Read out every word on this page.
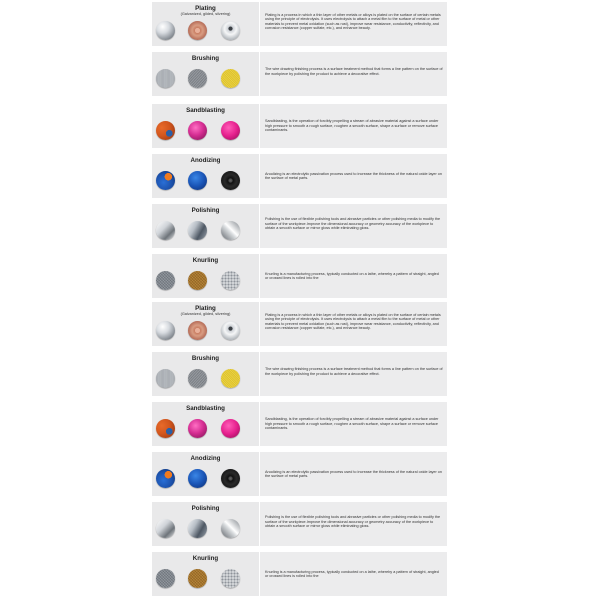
Plating
(Galvanized, gilded, silvering)	Plating is a process in which a thin layer of other metals or alloys is plated on the surface of certain metals using the principle of electrolysis. It uses electrolysis to attach a metal film to the surface of metal or other materials to prevent metal oxidation (such as rust), improve wear resistance, conductivity, reflectivity, and corrosion resistance (copper sulfate, etc.), and enhance beauty.
Brushing
The wire drawing finishing process is a surface treatment method that forms a line pattern on the surface of the workpiece by polishing the product to achieve a decorative effect.
Sandblasting
Sandblasting, is the operation of forcibly propelling a stream of abrasive material against a surface under high pressure to smooth a rough surface, roughen a smooth surface, shape a surface or remove surface contaminants.
Anodizing
Anodizing is an electrolytic passivation process used to increase the thickness of the natural oxide layer on the surface of metal parts.
Polishing
Polishing is the use of flexible polishing tools and abrasive particles or other polishing media to modify the surface of the workpiece.Improve the dimensional accuracy or geometry accuracy of the workpiece to obtain a smooth surface or mirror gloss while eliminating gloss.
Knurling
Knurling is a manufacturing process, typically conducted on a lathe, whereby a pattern of straight, angled or crossed lines is rolled into the
Plating
(Galvanized, gilded, silvering)	Plating is a process in which a thin layer of other metals or alloys is plated on the surface of certain metals using the principle of electrolysis. It uses electrolysis to attach a metal film to the surface of metal or other materials to prevent metal oxidation (such as rust), improve wear resistance, conductivity, reflectivity, and corrosion resistance (copper sulfate, etc.), and enhance beauty.
Brushing
The wire drawing finishing process is a surface treatment method that forms a line pattern on the surface of the workpiece by polishing the product to achieve a decorative effect.
Sandblasting
Sandblasting, is the operation of forcibly propelling a stream of abrasive material against a surface under high pressure to smooth a rough surface, roughen a smooth surface, shape a surface or remove surface contaminants.
Anodizing
Anodizing is an electrolytic passivation process used to increase the thickness of the natural oxide layer on the surface of metal parts.
Polishing
Polishing is the use of flexible polishing tools and abrasive particles or other polishing media to modify the surface of the workpiece.Improve the dimensional accuracy or geometry accuracy of the workpiece to obtain a smooth surface or mirror gloss while eliminating gloss.
Knurling
Knurling is a manufacturing process, typically conducted on a lathe, whereby a pattern of straight, angled or crossed lines is rolled into the
